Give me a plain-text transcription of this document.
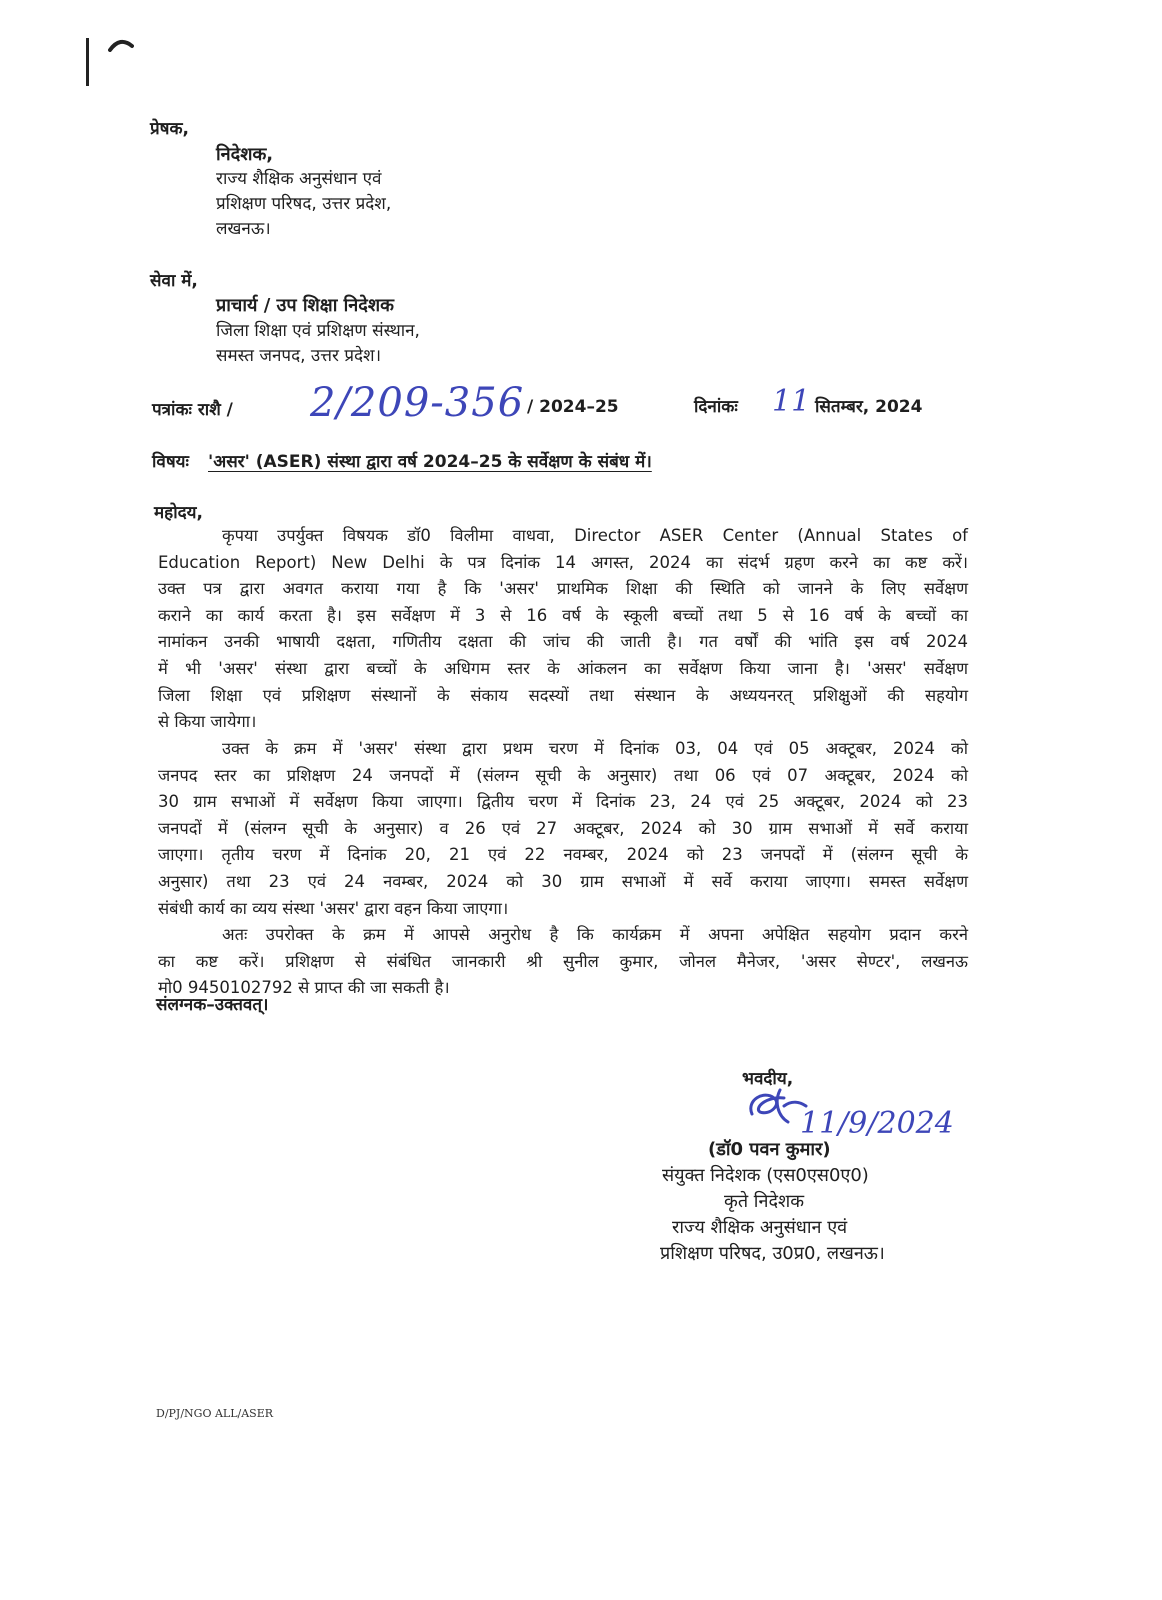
प्रेषक,
निदेशक,
राज्य शैक्षिक अनुसंधान एवं
प्रशिक्षण परिषद, उत्तर प्रदेश,
लखनऊ।
सेवा में,
प्राचार्य / उप शिक्षा निदेशक
जिला शिक्षा एवं प्रशिक्षण संस्थान,
समस्त जनपद, उत्तर प्रदेश।
पत्रांकः राशै / 2/209-356 / 2024–25	दिनांकः 11 सितम्बर, 2024
विषयः 'असर' (ASER) संस्था द्वारा वर्ष 2024–25 के सर्वेक्षण के संबंध में।
महोदय,
कृपया उपर्युक्त विषयक डॉ0 विलीमा वाधवा, Director ASER Center (Annual States of
Education Report) New Delhi के पत्र दिनांक 14 अगस्त, 2024 का संदर्भ ग्रहण करने का कष्ट करें।
उक्त पत्र द्वारा अवगत कराया गया है कि 'असर' प्राथमिक शिक्षा की स्थिति को जानने के लिए सर्वेक्षण
कराने का कार्य करता है। इस सर्वेक्षण में 3 से 16 वर्ष के स्कूली बच्चों तथा 5 से 16 वर्ष के बच्चों का
नामांकन उनकी भाषायी दक्षता, गणितीय दक्षता की जांच की जाती है। गत वर्षों की भांति इस वर्ष 2024
में भी 'असर' संस्था द्वारा बच्चों के अधिगम स्तर के आंकलन का सर्वेक्षण किया जाना है। 'असर' सर्वेक्षण
जिला शिक्षा एवं प्रशिक्षण संस्थानों के संकाय सदस्यों तथा संस्थान के अध्ययनरत् प्रशिक्षुओं की सहयोग
से किया जायेगा।
उक्त के क्रम में 'असर' संस्था द्वारा प्रथम चरण में दिनांक 03, 04 एवं 05 अक्टूबर, 2024 को
जनपद स्तर का प्रशिक्षण 24 जनपदों में (संलग्न सूची के अनुसार) तथा 06 एवं 07 अक्टूबर, 2024 को
30 ग्राम सभाओं में सर्वेक्षण किया जाएगा। द्वितीय चरण में दिनांक 23, 24 एवं 25 अक्टूबर, 2024 को 23
जनपदों में (संलग्न सूची के अनुसार) व 26 एवं 27 अक्टूबर, 2024 को 30 ग्राम सभाओं में सर्वे कराया
जाएगा। तृतीय चरण में दिनांक 20, 21 एवं 22 नवम्बर, 2024 को 23 जनपदों में (संलग्न सूची के
अनुसार) तथा 23 एवं 24 नवम्बर, 2024 को 30 ग्राम सभाओं में सर्वे कराया जाएगा। समस्त सर्वेक्षण
संबंधी कार्य का व्यय संस्था 'असर' द्वारा वहन किया जाएगा।
अतः उपरोक्त के क्रम में आपसे अनुरोध है कि कार्यक्रम में अपना अपेक्षित सहयोग प्रदान करने
का कष्ट करें। प्रशिक्षण से संबंधित जानकारी श्री सुनील कुमार, जोनल मैनेजर, 'असर सेण्टर', लखनऊ
मो0 9450102792 से प्राप्त की जा सकती है।
संलग्नक–उक्तवत्।
भवदीय,
11/9/2024
(डॉ0 पवन कुमार)
संयुक्त निदेशक (एस0एस0ए0)
कृते निदेशक
राज्य शैक्षिक अनुसंधान एवं
प्रशिक्षण परिषद, उ0प्र0, लखनऊ।
D/PJ/NGO ALL/ASER
